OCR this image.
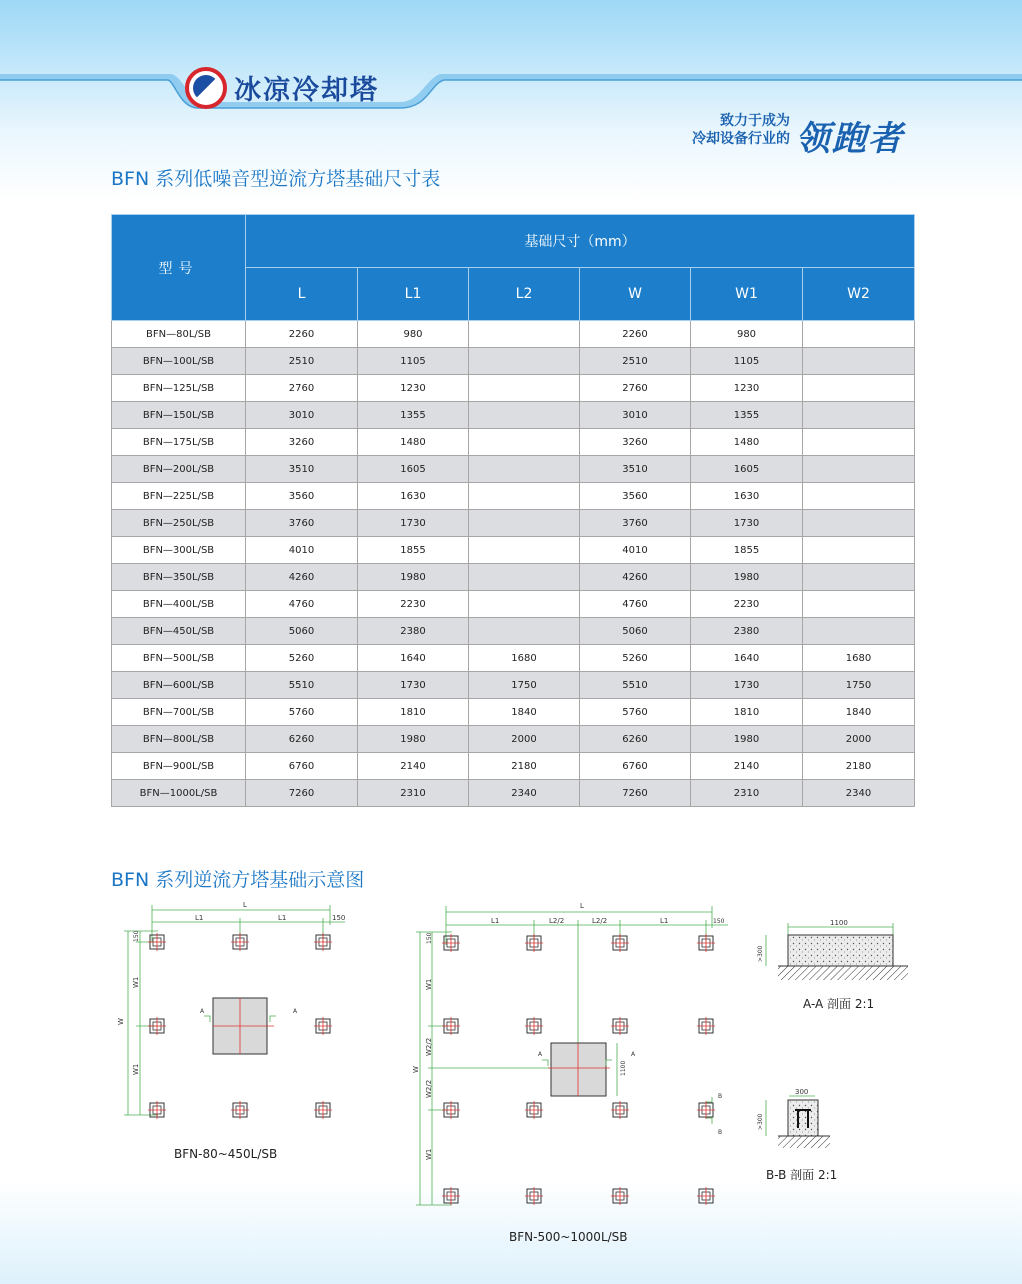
冰凉冷却塔
致力于成为
冷却设备行业的 领跑者
BFN 系列低噪音型逆流方塔基础尺寸表
型号	基础尺寸（mm）					
	L	L1	L2	W	W1	W2
BFN—80L/SB	2260	980		2260	980	
BFN—100L/SB	2510	1105		2510	1105	
BFN—125L/SB	2760	1230		2760	1230	
BFN—150L/SB	3010	1355		3010	1355	
BFN—175L/SB	3260	1480		3260	1480	
BFN—200L/SB	3510	1605		3510	1605	
BFN—225L/SB	3560	1630		3560	1630	
BFN—250L/SB	3760	1730		3760	1730	
BFN—300L/SB	4010	1855		4010	1855	
BFN—350L/SB	4260	1980		4260	1980	
BFN—400L/SB	4760	2230		4760	2230	
BFN—450L/SB	5060	2380		5060	2380	
BFN—500L/SB	5260	1640	1680	5260	1640	1680
BFN—600L/SB	5510	1730	1750	5510	1730	1750
BFN—700L/SB	5760	1810	1840	5760	1810	1840
BFN—800L/SB	6260	1980	2000	6260	1980	2000
BFN—900L/SB	6760	2140	2180	6760	2140	2180
BFN—1000L/SB	7260	2310	2340	7260	2310	2340
BFN 系列逆流方塔基础示意图
L
L1	L1	150
W
W1
W1
150
A	A
L
L1	L2/2	L2/2	L1	150
W
W1
W2/2
W2/2
W1
150
1100
A	A
B
B
1100
>300
300
>300
BFN-80~450L/SB
BFN-500~1000L/SB
A-A 剖面 2:1
B-B 剖面 2:1
